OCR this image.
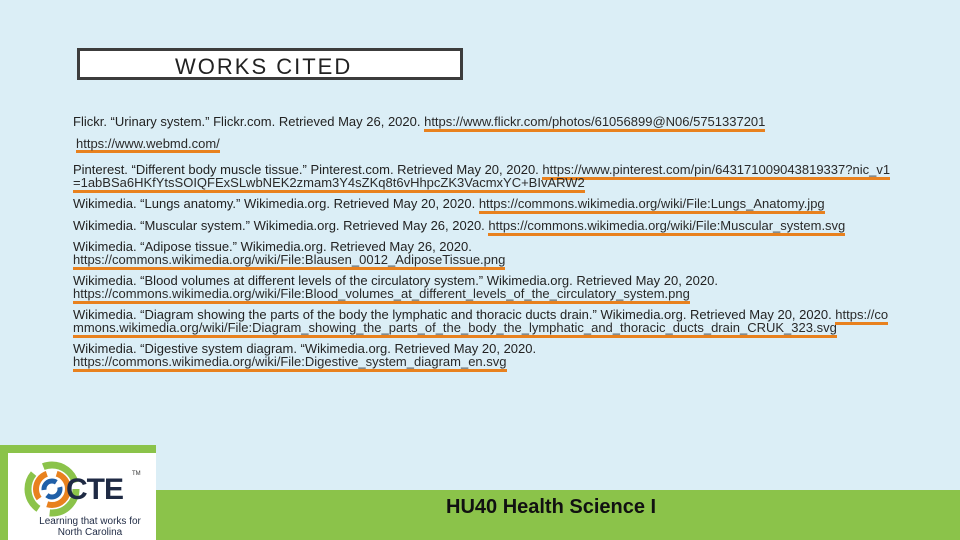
WORKS CITED
Flickr. “Urinary system.” Flickr.com. Retrieved May 26, 2020. https://www.flickr.com/photos/61056899@N06/5751337201
https://www.webmd.com/
Pinterest. “Different body muscle tissue.” Pinterest.com. Retrieved May 20, 2020. https://www.pinterest.com/pin/643171009043819337?nic_v1=1abBSa6HKfYtsSOIQFExSLwbNEK2zmam3Y4sZKq8t6vHhpcZK3VacmxYC+BIvARW2
Wikimedia. “Lungs anatomy.” Wikimedia.org. Retrieved May 20, 2020. https://commons.wikimedia.org/wiki/File:Lungs_Anatomy.jpg
Wikimedia. “Muscular system.” Wikimedia.org. Retrieved May 26, 2020. https://commons.wikimedia.org/wiki/File:Muscular_system.svg
Wikimedia. “Adipose tissue.” Wikimedia.org. Retrieved May 26, 2020. https://commons.wikimedia.org/wiki/File:Blausen_0012_AdiposeTissue.png
Wikimedia. “Blood volumes at different levels of the circulatory system.” Wikimedia.org. Retrieved May 20, 2020. https://commons.wikimedia.org/wiki/File:Blood_volumes_at_different_levels_of_the_circulatory_system.png
Wikimedia. “Diagram showing the parts of the body the lymphatic and thoracic ducts drain.” Wikimedia.org. Retrieved May 20, 2020. https://commons.wikimedia.org/wiki/File:Diagram_showing_the_parts_of_the_body_the_lymphatic_and_thoracic_ducts_drain_CRUK_323.svg
Wikimedia. “Digestive system diagram. “Wikimedia.org. Retrieved May 20, 2020. https://commons.wikimedia.org/wiki/File:Digestive_system_diagram_en.svg
CTE TM
Learning that works for North Carolina
HU40 Health Science I
